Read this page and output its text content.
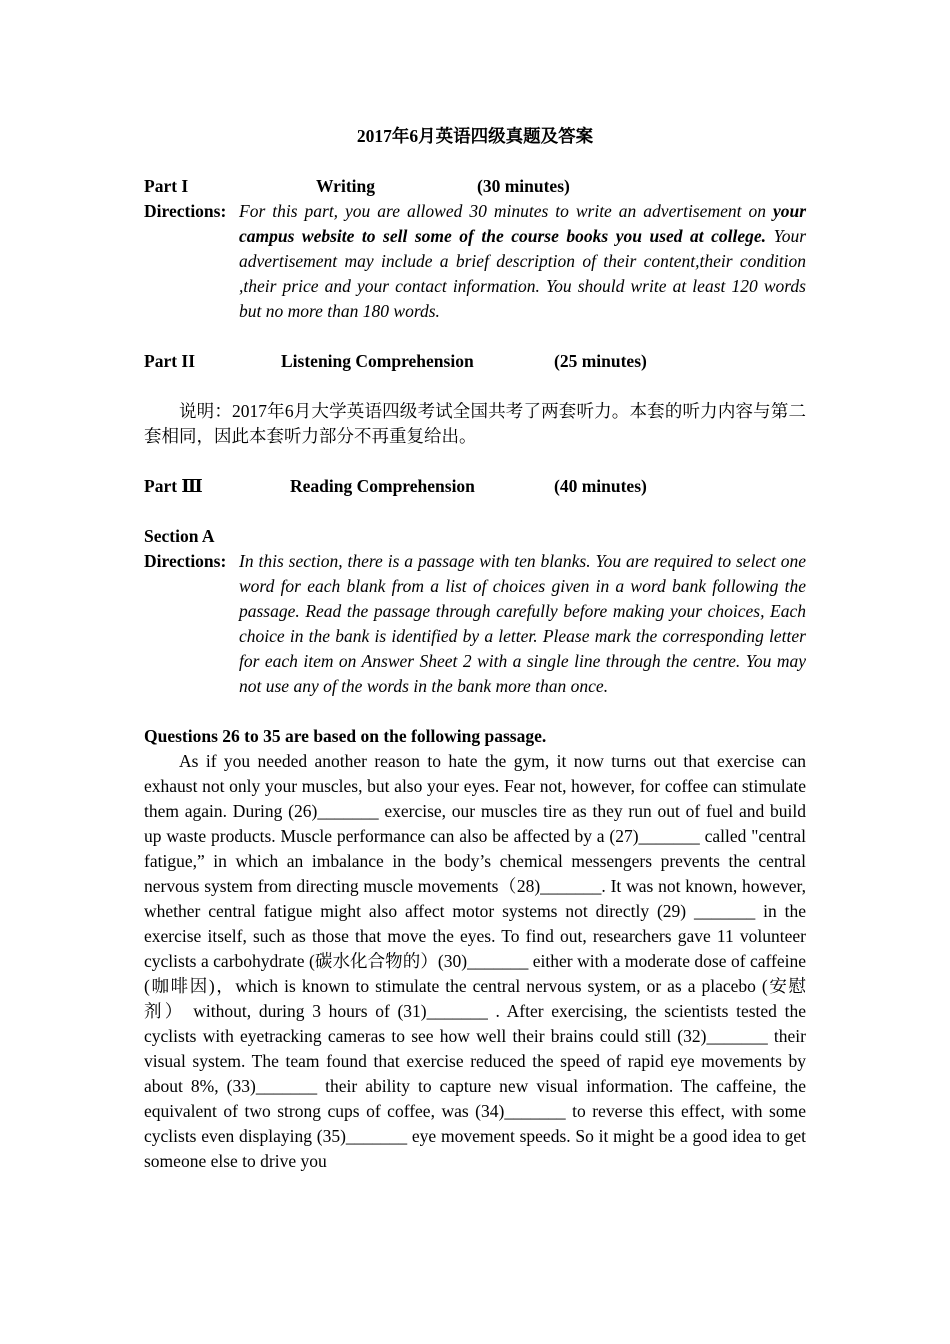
2017年6月英语四级真题及答案
Part I	Writing	(30 minutes)
Directions: For this part, you are allowed 30 minutes to write an advertisement on your campus website to sell some of the course books you used at college. Your advertisement may include a brief description of their content,their condition ,their price and your contact information. You should write at least 120 words but no more than 180 words.
Part II	Listening Comprehension	(25 minutes)
说明：2017年6月大学英语四级考试全国共考了两套听力。本套的听力内容与第二套相同，因此本套听力部分不再重复给出。
Part Ⅲ	Reading Comprehension	(40 minutes)
Section A
Directions: In this section, there is a passage with ten blanks. You are required to select one word for each blank from a list of choices given in a word bank following the passage. Read the passage through carefully before making your choices, Each choice in the bank is identified by a letter. Please mark the corresponding letter for each item on Answer Sheet 2 with a single line through the centre. You may not use any of the words in the bank more than once.
Questions 26 to 35 are based on the following passage.
As if you needed another reason to hate the gym, it now turns out that exercise can exhaust not only your muscles, but also your eyes. Fear not, however, for coffee can stimulate them again. During (26)_______ exercise, our muscles tire as they run out of fuel and build up waste products. Muscle performance can also be affected by a (27)_______ called "central fatigue,” in which an imbalance in the body’s chemical messengers prevents the central nervous system from directing muscle movements（28)_______. It was not known, however, whether central fatigue might also affect motor systems not directly (29) _______ in the exercise itself, such as those that move the eyes. To find out, researchers gave 11 volunteer cyclists a carbohydrate (碳水化合物的）(30)_______ either with a moderate dose of caffeine (咖啡因)，which is known to stimulate the central nervous system, or as a placebo (安慰剂） without, during 3 hours of (31)_______ . After exercising, the scientists tested the cyclists with eyetracking cameras to see how well their brains could still (32)_______ their visual system. The team found that exercise reduced the speed of rapid eye movements by about 8%, (33)_______ their ability to capture new visual information. The caffeine, the equivalent of two strong cups of coffee, was (34)_______ to reverse this effect, with some cyclists even displaying (35)_______ eye movement speeds. So it might be a good idea to get someone else to drive you
